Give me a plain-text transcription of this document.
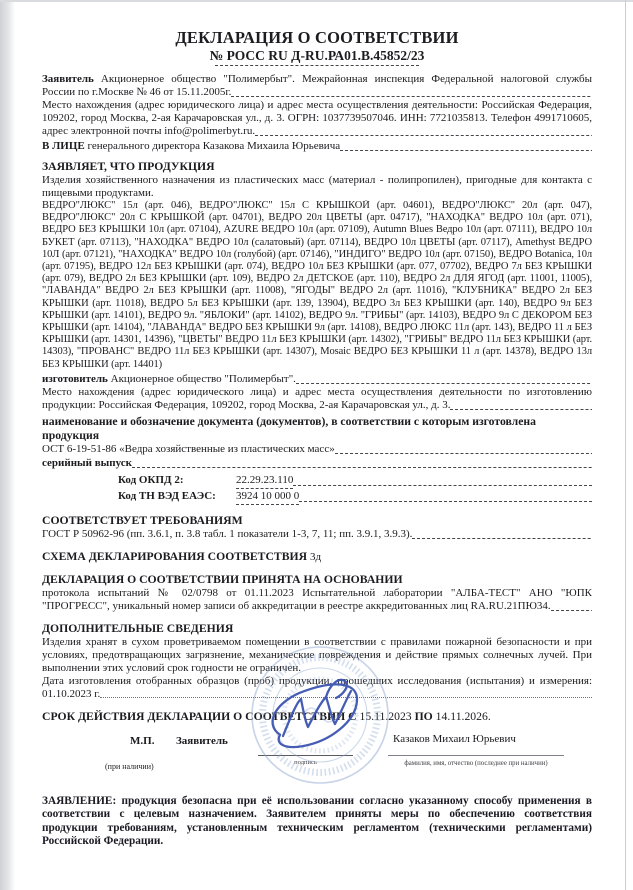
ДЕКЛАРАЦИЯ О СООТВЕТСТВИИ
№ РОСС RU Д-RU.РА01.В.45852/23

Заявитель Акционерное общество "Полимербыт". Межрайонная инспекция Федеральной налоговой службы России по г.Москве № 46 от 15.11.2005г.

Место нахождения (адрес юридического лица) и адрес места осуществления деятельности: Российская Федерация, 109202, город Москва, 2-ая Карачаровская ул., д. 3. ОГРН: 1037739507046. ИНН: 7721035813. Телефон 4991710605, адрес электронной почты info@polimerbyt.ru.

В ЛИЦЕ генерального директора Казакова Михаила Юрьевича

ЗАЯВЛЯЕТ, ЧТО ПРОДУКЦИЯ

Изделия хозяйственного назначения из пластических масс (материал - полипропилен), пригодные для контакта с пищевыми продуктами.

ВЕДРО"ЛЮКС" 15л (арт. 046), ВЕДРО"ЛЮКС" 15л С КРЫШКОЙ (арт. 04601), ВЕДРО"ЛЮКС" 20л (арт. 047), ВЕДРО"ЛЮКС" 20л С КРЫШКОЙ (арт. 04701), ВЕДРО 20л ЦВЕТЫ (арт. 04717), "НАХОДКА" ВЕДРО 10л (арт. 071), ВЕДРО БЕЗ КРЫШКИ 10л (арт. 07104), AZURE ВЕДРО 10л (арт. 07109), Autumn Blues Ведро 10л (арт. 07111), ВЕДРО 10л БУКЕТ (арт. 07113), "НАХОДКА" ВЕДРО 10л (салатовый) (арт. 07114), ВЕДРО 10л ЦВЕТЫ (арт. 07117), Amethyst ВЕДРО 10Л (арт. 07121), "НАХОДКА" ВЕДРО 10л (голубой) (арт. 07146), "ИНДИГО" ВЕДРО 10л (арт. 07150), ВЕДРО Botanica, 10л (арт. 07195), ВЕДРО 12л БЕЗ КРЫШКИ (арт. 074), ВЕДРО 10л БЕЗ КРЫШКИ (арт. 077, 07702), ВЕДРО 7л БЕЗ КРЫШКИ (арт. 079), ВЕДРО 2л БЕЗ КРЫШКИ (арт. 109), ВЕДРО 2л ДЕТСКОЕ (арт. 110), ВЕДРО 2л ДЛЯ ЯГОД (арт. 11001, 11005), "ЛАВАНДА" ВЕДРО 2л БЕЗ КРЫШКИ (арт. 11008), "ЯГОДЫ" ВЕДРО 2л (арт. 11016), "КЛУБНИКА" ВЕДРО 2л БЕЗ КРЫШКИ (арт. 11018), ВЕДРО 5л БЕЗ КРЫШКИ (арт. 139, 13904), ВЕДРО 3л БЕЗ КРЫШКИ (арт. 140), ВЕДРО 9л БЕЗ КРЫШКИ (арт. 14101), ВЕДРО 9л. "ЯБЛОКИ" (арт. 14102), ВЕДРО 9л. "ГРИБЫ" (арт. 14103), ВЕДРО 9л С ДЕКОРОМ БЕЗ КРЫШКИ (арт. 14104), "ЛАВАНДА" ВЕДРО БЕЗ КРЫШКИ 9л (арт. 14108), ВЕДРО ЛЮКС 11л (арт. 143), ВЕДРО 11 л БЕЗ КРЫШКИ (арт. 14301, 14396), "ЦВЕТЫ" ВЕДРО 11л БЕЗ КРЫШКИ (арт. 14302), "ГРИБЫ" ВЕДРО 11л БЕЗ КРЫШКИ (арт. 14303), "ПРОВАНС" ВЕДРО 11л БЕЗ КРЫШКИ (арт. 14307), Mosaic ВЕДРО БЕЗ КРЫШКИ 11 л (арт. 14378), ВЕДРО 13л БЕЗ КРЫШКИ (арт. 14401)

изготовитель Акционерное общество "Полимербыт".

Место нахождения (адрес юридического лица) и адрес места осуществления деятельности по изготовлению продукции: Российская Федерация, 109202, город Москва, 2-ая Карачаровская ул., д. 3.

наименование и обозначение документа (документов), в соответствии с которым изготовлена продукция

ОСТ 6-19-51-86 «Ведра хозяйственные из пластических масс»

серийный выпуск

Код ОКПД 2:	22.29.23.110
Код ТН ВЭД ЕАЭС:	3924 10 000 0
СООТВЕТСТВУЕТ ТРЕБОВАНИЯМ

ГОСТ Р 50962-96 (пп. 3.6.1, п. 3.8 табл. 1 показатели 1-3, 7, 11; пп. 3.9.1, 3.9.3).

СХЕМА ДЕКЛАРИРОВАНИЯ СООТВЕТСТВИЯ 3д
ДЕКЛАРАЦИЯ О СООТВЕТСТВИИ ПРИНЯТА НА ОСНОВАНИИ

протокола испытаний № 02/0798 от 01.11.2023 Испытательной лаборатории "АЛБА-ТЕСТ" АНО "ЮПК "ПРОГРЕСС", уникальный номер записи об аккредитации в реестре аккредитованных лиц RA.RU.21ПЮ34.

ДОПОЛНИТЕЛЬНЫЕ СВЕДЕНИЯ

Изделия хранят в сухом проветриваемом помещении в соответствии с правилами пожарной безопасности и при условиях, предотвращающих загрязнение, механические повреждения и действие прямых солнечных лучей. При выполнении этих условий срок годности не ограничен.

Дата изготовления отобранных образцов (проб) продукции, прошедших исследования (испытания) и измерения: 01.10.2023 г.

СРОК ДЕЙСТВИЯ ДЕКЛАРАЦИИ О СООТВЕТСТВИИ С 15.11.2023 ПО 14.11.2026.
М.П.
(при наличии)
Заявитель
подпись
Казаков Михаил Юрьевич
фамилия, имя, отчество (последнее при наличии)

ЗАЯВЛЕНИЕ: продукция безопасна при её использовании согласно указанному способу применения в соответствии с целевым назначением. Заявителем приняты меры по обеспечению соответствия продукции требованиям, установленным техническим регламентом (техническими регламентами) Российской Федерации.
